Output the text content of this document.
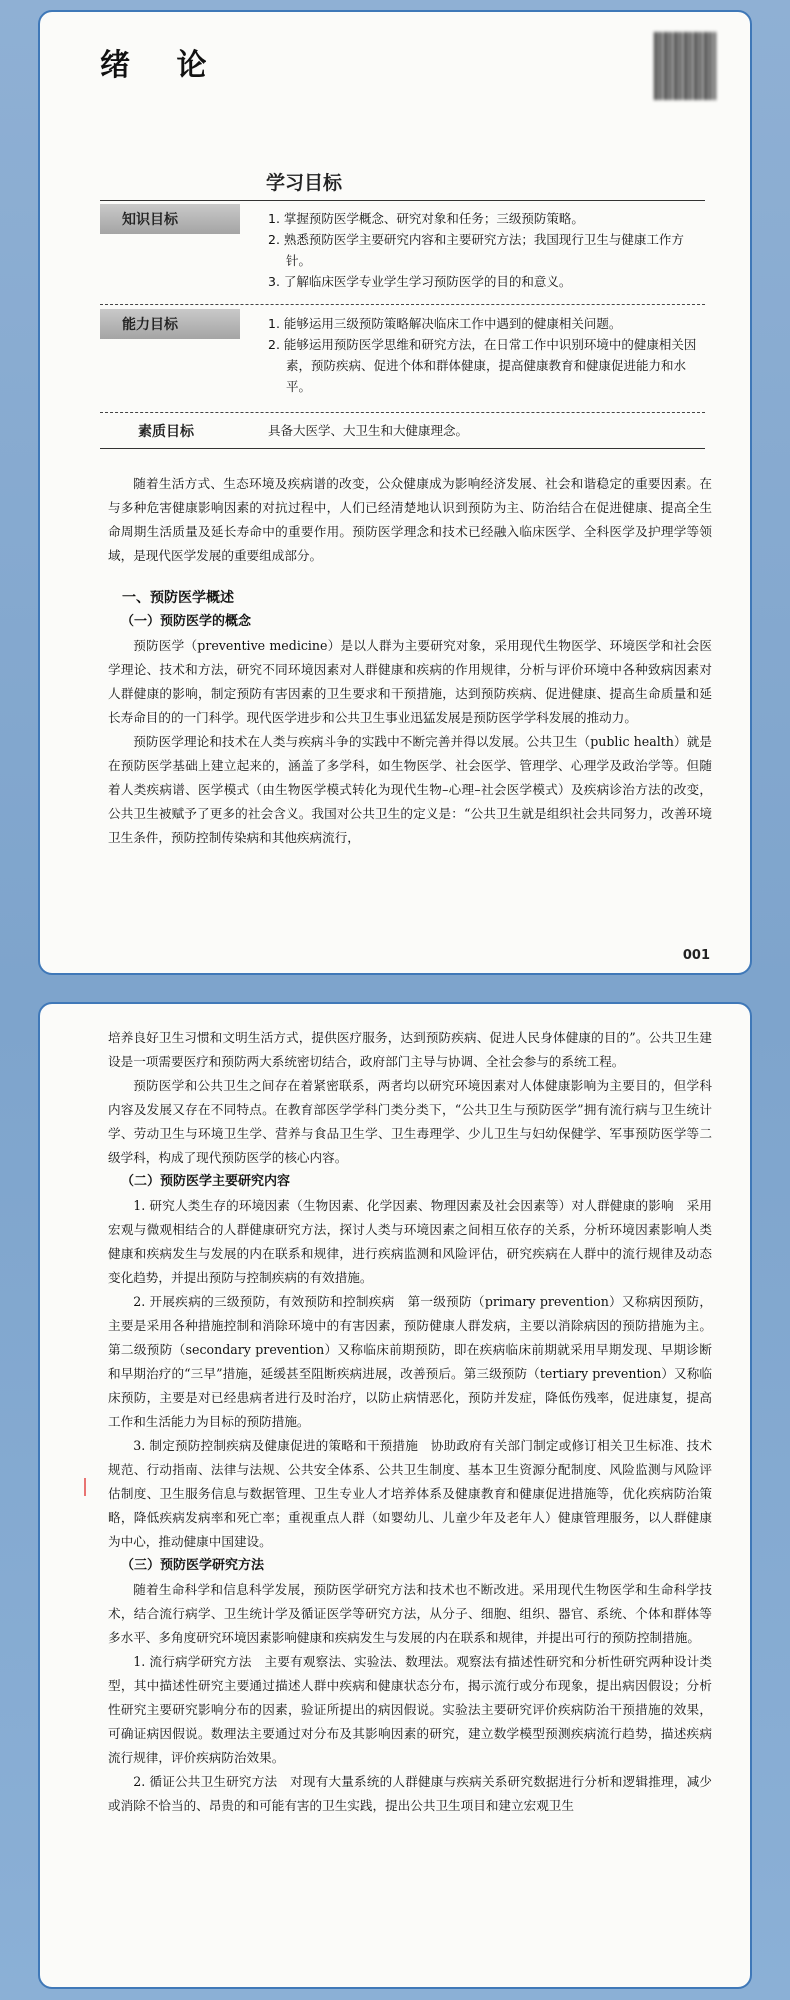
绪 论
学习目标
知识目标	1. 掌握预防医学概念、研究对象和任务；三级预防策略。
2. 熟悉预防医学主要研究内容和主要研究方法；我国现行卫生与健康工作方针。
3. 了解临床医学专业学生学习预防医学的目的和意义。
能力目标	1. 能够运用三级预防策略解决临床工作中遇到的健康相关问题。
2. 能够运用预防医学思维和研究方法，在日常工作中识别环境中的健康相关因素，预防疾病、促进个体和群体健康，提高健康教育和健康促进能力和水平。
素质目标	具备大医学、大卫生和大健康理念。

随着生活方式、生态环境及疾病谱的改变，公众健康成为影响经济发展、社会和谐稳定的重要因素。在与多种危害健康影响因素的对抗过程中，人们已经清楚地认识到预防为主、防治结合在促进健康、提高全生命周期生活质量及延长寿命中的重要作用。预防医学理念和技术已经融入临床医学、全科医学及护理学等领域，是现代医学发展的重要组成部分。

一、预防医学概述

（一）预防医学的概念

预防医学（preventive medicine）是以人群为主要研究对象，采用现代生物医学、环境医学和社会医学理论、技术和方法，研究不同环境因素对人群健康和疾病的作用规律，分析与评价环境中各种致病因素对人群健康的影响，制定预防有害因素的卫生要求和干预措施，达到预防疾病、促进健康、提高生命质量和延长寿命目的的一门科学。现代医学进步和公共卫生事业迅猛发展是预防医学学科发展的推动力。

预防医学理论和技术在人类与疾病斗争的实践中不断完善并得以发展。公共卫生（public health）就是在预防医学基础上建立起来的，涵盖了多学科，如生物医学、社会医学、管理学、心理学及政治学等。但随着人类疾病谱、医学模式（由生物医学模式转化为现代生物–心理–社会医学模式）及疾病诊治方法的改变，公共卫生被赋予了更多的社会含义。我国对公共卫生的定义是：“公共卫生就是组织社会共同努力，改善环境卫生条件，预防控制传染病和其他疾病流行，

001

培养良好卫生习惯和文明生活方式，提供医疗服务，达到预防疾病、促进人民身体健康的目的”。公共卫生建设是一项需要医疗和预防两大系统密切结合，政府部门主导与协调、全社会参与的系统工程。

预防医学和公共卫生之间存在着紧密联系，两者均以研究环境因素对人体健康影响为主要目的，但学科内容及发展又存在不同特点。在教育部医学学科门类分类下，“公共卫生与预防医学”拥有流行病与卫生统计学、劳动卫生与环境卫生学、营养与食品卫生学、卫生毒理学、少儿卫生与妇幼保健学、军事预防医学等二级学科，构成了现代预防医学的核心内容。

（二）预防医学主要研究内容

1. 研究人类生存的环境因素（生物因素、化学因素、物理因素及社会因素等）对人群健康的影响　采用宏观与微观相结合的人群健康研究方法，探讨人类与环境因素之间相互依存的关系，分析环境因素影响人类健康和疾病发生与发展的内在联系和规律，进行疾病监测和风险评估，研究疾病在人群中的流行规律及动态变化趋势，并提出预防与控制疾病的有效措施。

2. 开展疾病的三级预防，有效预防和控制疾病　第一级预防（primary prevention）又称病因预防，主要是采用各种措施控制和消除环境中的有害因素，预防健康人群发病，主要以消除病因的预防措施为主。第二级预防（secondary prevention）又称临床前期预防，即在疾病临床前期就采用早期发现、早期诊断和早期治疗的“三早”措施，延缓甚至阻断疾病进展，改善预后。第三级预防（tertiary prevention）又称临床预防，主要是对已经患病者进行及时治疗，以防止病情恶化，预防并发症，降低伤残率，促进康复，提高工作和生活能力为目标的预防措施。

3. 制定预防控制疾病及健康促进的策略和干预措施　协助政府有关部门制定或修订相关卫生标准、技术规范、行动指南、法律与法规、公共安全体系、公共卫生制度、基本卫生资源分配制度、风险监测与风险评估制度、卫生服务信息与数据管理、卫生专业人才培养体系及健康教育和健康促进措施等，优化疾病防治策略，降低疾病发病率和死亡率；重视重点人群（如婴幼儿、儿童少年及老年人）健康管理服务，以人群健康为中心，推动健康中国建设。

（三）预防医学研究方法

随着生命科学和信息科学发展，预防医学研究方法和技术也不断改进。采用现代生物医学和生命科学技术，结合流行病学、卫生统计学及循证医学等研究方法，从分子、细胞、组织、器官、系统、个体和群体等多水平、多角度研究环境因素影响健康和疾病发生与发展的内在联系和规律，并提出可行的预防控制措施。

1. 流行病学研究方法　主要有观察法、实验法、数理法。观察法有描述性研究和分析性研究两种设计类型，其中描述性研究主要通过描述人群中疾病和健康状态分布，揭示流行或分布现象，提出病因假设；分析性研究主要研究影响分布的因素，验证所提出的病因假说。实验法主要研究评价疾病防治干预措施的效果，可确证病因假说。数理法主要通过对分布及其影响因素的研究，建立数学模型预测疾病流行趋势，描述疾病流行规律，评价疾病防治效果。

2. 循证公共卫生研究方法　对现有大量系统的人群健康与疾病关系研究数据进行分析和逻辑推理，减少或消除不恰当的、昂贵的和可能有害的卫生实践，提出公共卫生项目和建立宏观卫生
